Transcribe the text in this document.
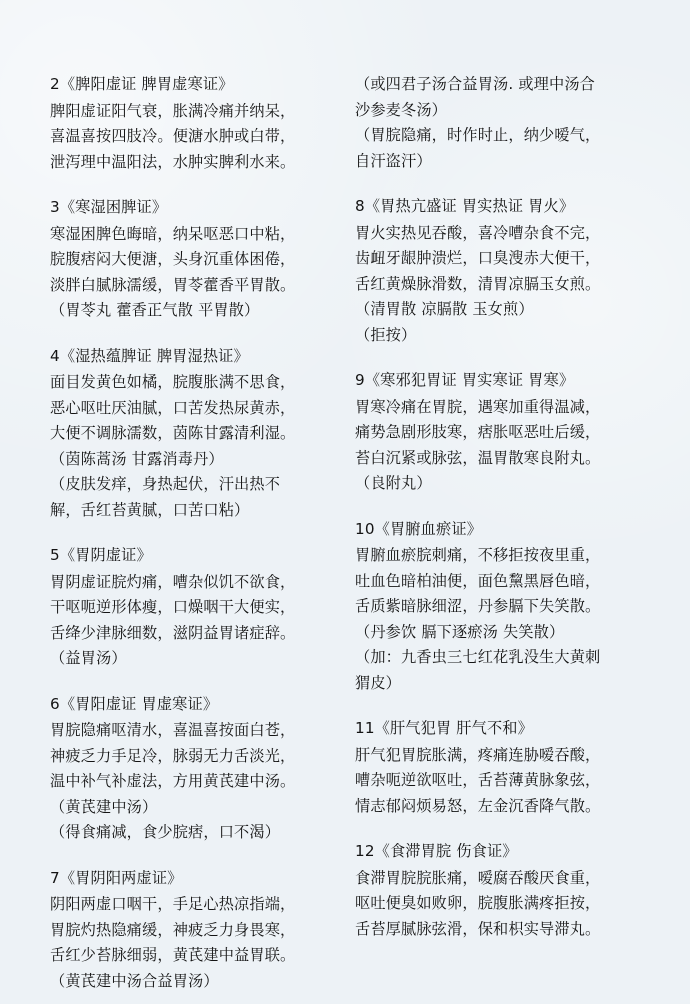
2《脾阳虚证 脾胃虚寒证》
脾阳虚证阳气衰，胀满冷痛并纳呆，
喜温喜按四肢冷。便溏水肿或白带，
泄泻理中温阳法，水肿实脾利水来。
3《寒湿困脾证》
寒湿困脾色晦暗，纳呆呕恶口中粘，
脘腹痞闷大便溏，头身沉重体困倦，
淡胖白腻脉濡缓，胃苓藿香平胃散。
（胃苓丸 藿香正气散 平胃散）
4《湿热蕴脾证 脾胃湿热证》
面目发黄色如橘，脘腹胀满不思食，
恶心呕吐厌油腻，口苦发热尿黄赤，
大便不调脉濡数，茵陈甘露清利湿。
（茵陈蒿汤 甘露消毒丹）
（皮肤发痒，身热起伏，汗出热不
解，舌红苔黄腻，口苦口粘）
5《胃阴虚证》
胃阴虚证脘灼痛，嘈杂似饥不欲食，
干呕呃逆形体瘦，口燥咽干大便实，
舌绛少津脉细数，滋阴益胃诸症辞。
（益胃汤）
6《胃阳虚证 胃虚寒证》
胃脘隐痛呕清水，喜温喜按面白苍，
神疲乏力手足冷，脉弱无力舌淡光，
温中补气补虚法，方用黄芪建中汤。
（黄芪建中汤）
（得食痛减，食少脘痞，口不渴）
7《胃阴阳两虚证》
阴阳两虚口咽干，手足心热凉指端，
胃脘灼热隐痛缓，神疲乏力身畏寒，
舌红少苔脉细弱，黄芪建中益胃联。
（黄芪建中汤合益胃汤）
（或四君子汤合益胃汤. 或理中汤合
沙参麦冬汤）
（胃脘隐痛，时作时止，纳少嗳气，
自汗盗汗）
8《胃热亢盛证 胃实热证 胃火》
胃火实热见吞酸，喜冷嘈杂食不完，
齿衄牙龈肿溃烂，口臭溲赤大便干，
舌红黄燥脉滑数，清胃凉膈玉女煎。
（清胃散 凉膈散 玉女煎）
（拒按）
9《寒邪犯胃证 胃实寒证 胃寒》
胃寒冷痛在胃脘，遇寒加重得温减，
痛势急剧形肢寒，痞胀呕恶吐后缓，
苔白沉紧或脉弦，温胃散寒良附丸。
（良附丸）
10《胃腑血瘀证》
胃腑血瘀脘刺痛，不移拒按夜里重，
吐血色暗柏油便，面色黧黑唇色暗，
舌质紫暗脉细涩，丹参膈下失笑散。
（丹参饮 膈下逐瘀汤 失笑散）
（加：九香虫三七红花乳没生大黄刺
猬皮）
11《肝气犯胃 肝气不和》
肝气犯胃脘胀满，疼痛连胁嗳吞酸，
嘈杂呃逆欲呕吐，舌苔薄黄脉象弦，
情志郁闷烦易怒，左金沉香降气散。
12《食滞胃脘 伤食证》
食滞胃脘脘胀痛，嗳腐吞酸厌食重，
呕吐便臭如败卵，脘腹胀满疼拒按，
舌苔厚腻脉弦滑，保和枳实导滞丸。
